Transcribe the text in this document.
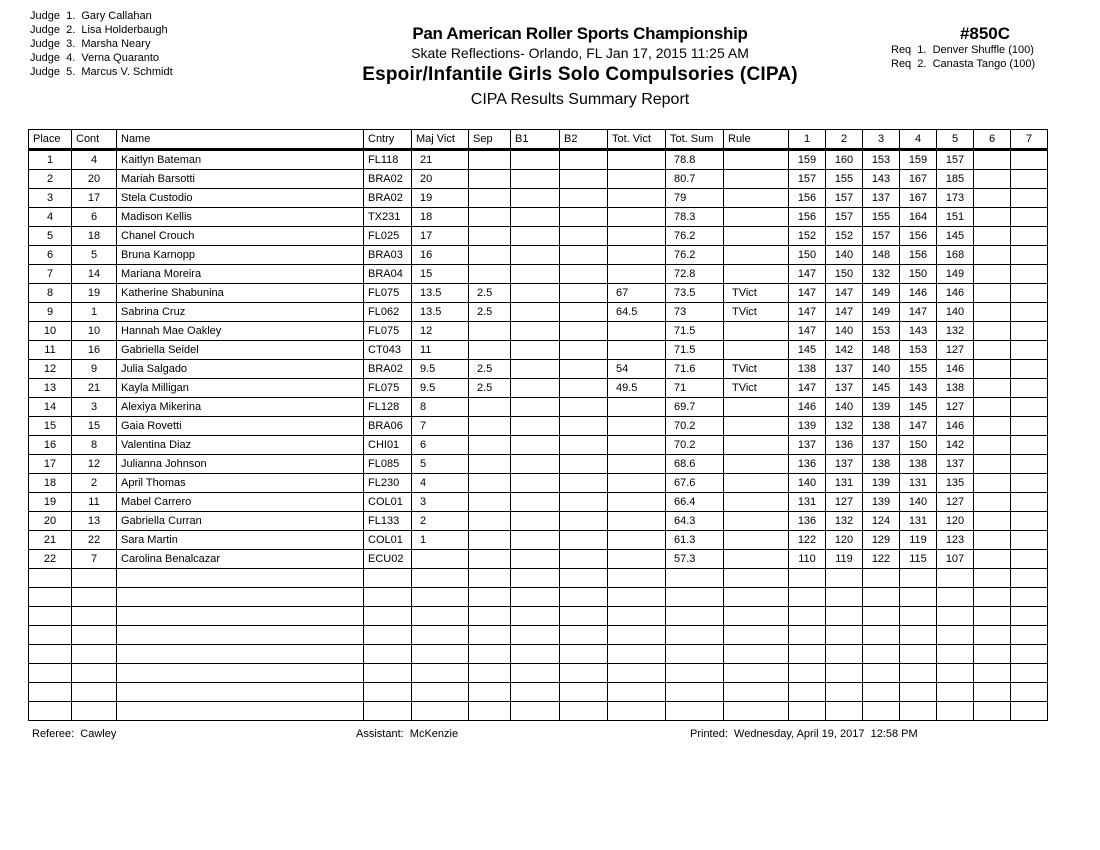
Judge  1.  Gary Callahan
Judge  2.  Lisa Holderbaugh
Judge  3.  Marsha Neary
Judge  4.  Verna Quaranto
Judge  5.  Marcus V. Schmidt
Pan American Roller Sports Championship
Skate Reflections- Orlando, FL Jan 17, 2015 11:25 AM
Espoir/Infantile Girls Solo Compulsories (CIPA)
CIPA Results Summary Report
#850C
Req  1.  Denver Shuffle (100)
Req  2.  Canasta Tango (100)
Place	Cont	Name	Cntry	Maj Vict	Sep	B1	B2	Tot. Vict	Tot. Sum	Rule	1	2	3	4	5	6	7
1	4	Kaitlyn Bateman	FL118	21					78.8		159	160	153	159	157		
2	20	Mariah Barsotti	BRA02	20					80.7		157	155	143	167	185		
3	17	Stela Custodio	BRA02	19					79		156	157	137	167	173		
4	6	Madison Kellis	TX231	18					78.3		156	157	155	164	151		
5	18	Chanel Crouch	FL025	17					76.2		152	152	157	156	145		
6	5	Bruna Karnopp	BRA03	16					76.2		150	140	148	156	168		
7	14	Mariana Moreira	BRA04	15					72.8		147	150	132	150	149		
8	19	Katherine Shabunina	FL075	13.5	2.5			67	73.5	TVict	147	147	149	146	146		
9	1	Sabrina Cruz	FL062	13.5	2.5			64.5	73	TVict	147	147	149	147	140		
10	10	Hannah Mae Oakley	FL075	12					71.5		147	140	153	143	132		
11	16	Gabriella Seidel	CT043	11					71.5		145	142	148	153	127		
12	9	Julia Salgado	BRA02	9.5	2.5			54	71.6	TVict	138	137	140	155	146		
13	21	Kayla Milligan	FL075	9.5	2.5			49.5	71	TVict	147	137	145	143	138		
14	3	Alexiya Mikerina	FL128	8					69.7		146	140	139	145	127		
15	15	Gaia Rovetti	BRA06	7					70.2		139	132	138	147	146		
16	8	Valentina Diaz	CHI01	6					70.2		137	136	137	150	142		
17	12	Julianna Johnson	FL085	5					68.6		136	137	138	138	137		
18	2	April Thomas	FL230	4					67.6		140	131	139	131	135		
19	11	Mabel Carrero	COL01	3					66.4		131	127	139	140	127		
20	13	Gabriella Curran	FL133	2					64.3		136	132	124	131	120		
21	22	Sara Martin	COL01	1					61.3		122	120	129	119	123		
22	7	Carolina Benalcazar	ECU02						57.3		110	119	122	115	107		

Referee:  Cawley	Assistant:  McKenzie	Printed:  Wednesday, April 19, 2017  12:58 PM
